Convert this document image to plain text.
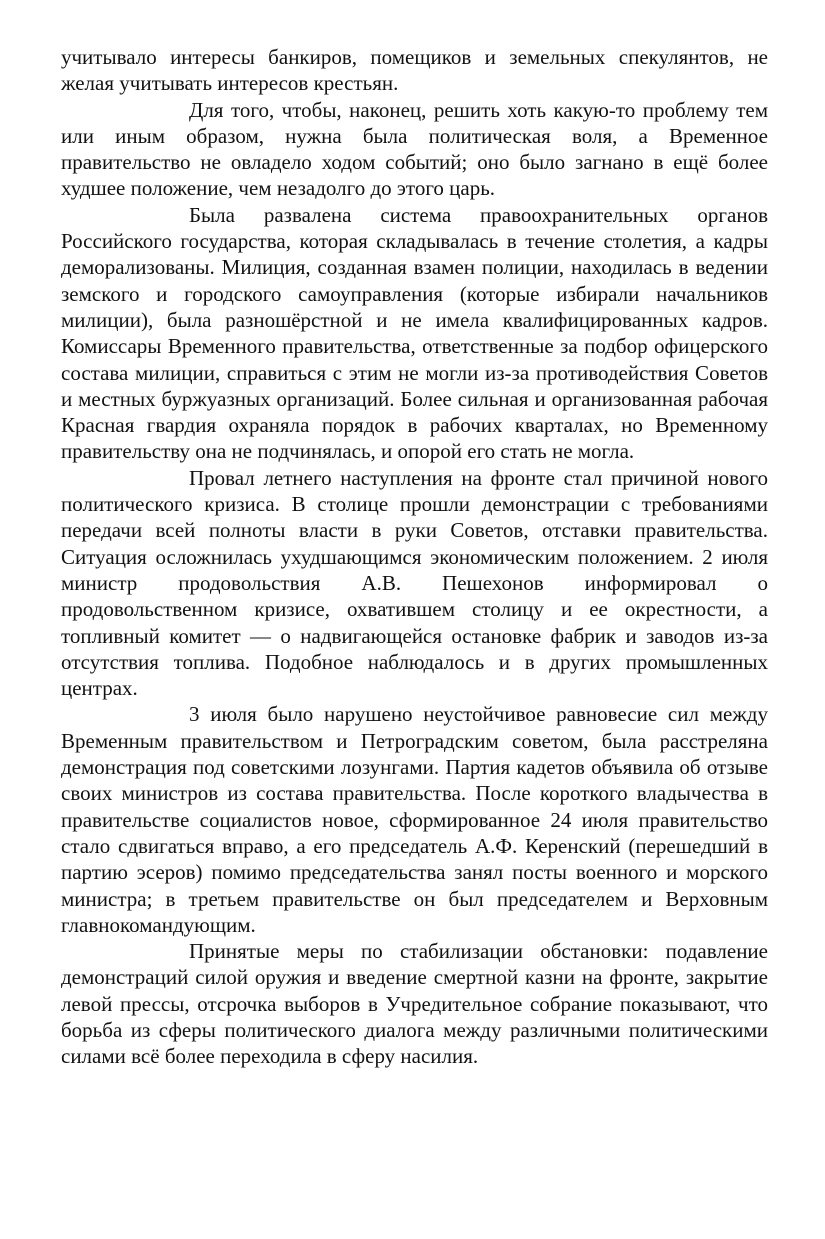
учитывало интересы банкиров, помещиков и земельных спекулянтов, не желая учитывать интересов крестьян.

Для того, чтобы, наконец, решить хоть какую-то проблему тем или иным образом, нужна была политическая воля, а Временное правительство не овладело ходом событий; оно было загнано в ещё более худшее положение, чем незадолго до этого царь.

Была развалена система правоохранительных органов Российского государства, которая складывалась в течение столетия, а кадры деморализованы. Милиция, созданная взамен полиции, находилась в ведении земского и городского самоуправления (которые избирали начальников милиции), была разношёрстной и не имела квалифицированных кадров. Комиссары Временного правительства, ответственные за подбор офицерского состава милиции, справиться с этим не могли из-за противодействия Советов и местных буржуазных организаций. Более сильная и организованная рабочая Красная гвардия охраняла порядок в рабочих кварталах, но Временному правительству она не подчинялась, и опорой его стать не могла.

Провал летнего наступления на фронте стал причиной нового политического кризиса. В столице прошли демонстрации с требованиями передачи всей полноты власти в руки Советов, отставки правительства. Ситуация осложнилась ухудшающимся экономическим положением. 2 июля министр продовольствия А.В. Пешехонов информировал о продовольственном кризисе, охватившем столицу и ее окрестности, а топливный комитет — о надвигающейся остановке фабрик и заводов из-за отсутствия топлива. Подобное наблюдалось и в других промышленных центрах.

3 июля было нарушено неустойчивое равновесие сил между Временным правительством и Петроградским советом, была расстреляна демонстрация под советскими лозунгами. Партия кадетов объявила об отзыве своих министров из состава правительства. После короткого владычества в правительстве социалистов новое, сформированное 24 июля правительство стало сдвигаться вправо, а его председатель А.Ф. Керенский (перешедший в партию эсеров) помимо председательства занял посты военного и морского министра; в третьем правительстве он был председателем и Верховным главнокомандующим.

Принятые меры по стабилизации обстановки: подавление демонстраций силой оружия и введение смертной казни на фронте, закрытие левой прессы, отсрочка выборов в Учредительное собрание показывают, что борьба из сферы политического диалога между различными политическими силами всё более переходила в сферу насилия.
